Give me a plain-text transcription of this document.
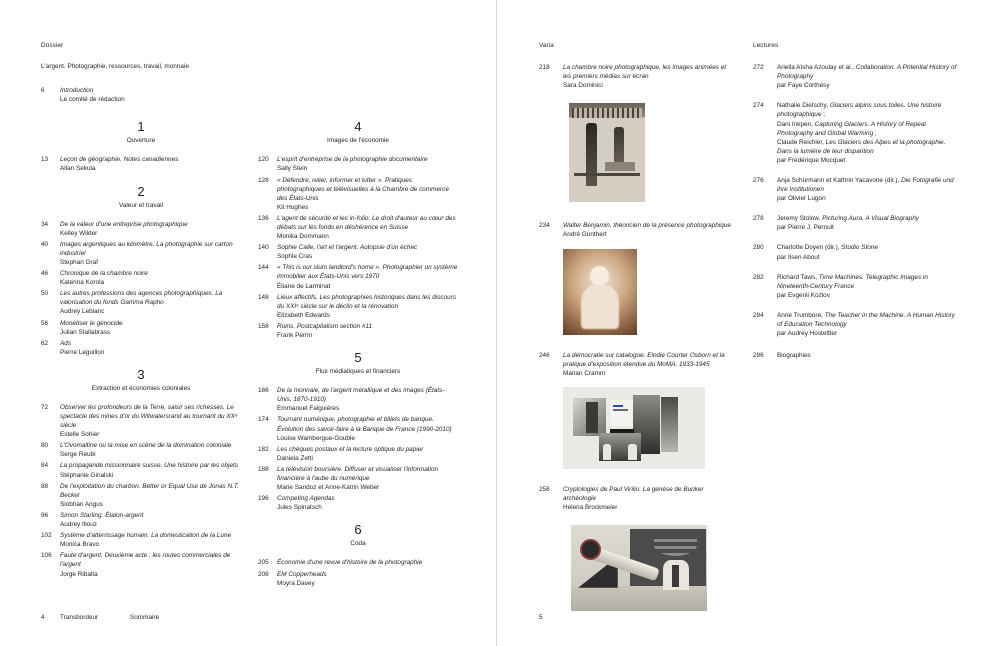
Dossier
L'argent. Photographie, ressources, travail, monnaie
6	Introduction
Le comité de rédaction
1
Ouverture
13	Leçon de géographie. Notes canadiennes
Allan Sekula
2
Valeur et travail
34	De la valeur d'une entreprise photographique
Kelley Wilder
40	Images argentiques au kilomètre. La photographie sur carton industriel
Stephan Graf
46	Chronique de la chambre noire
Katerina Korola
50	Les autres professions des agences photographiques. La valorisation du fonds Gamma Rapho
Audrey Leblanc
56	Monétiser le génocide
Julian Stallabrass
62	Ads
Pierre Leguillon
3
Extraction et économies coloniales
72	Observer les profondeurs de la Terre, saisir ses richesses. Le spectacle des mines d'or du Witwatersrand au tournant du XXᵉ siècle
Estelle Sohier
80	L'Ovomaltine ou la mise en scène de la domination coloniale
Serge Reubi
84	La propagande missionnaire suisse. Une histoire par les objets
Stéphanie Ginalski
88	De l'exploitation du charbon. Better or Equal Use de Jonas N.T. Becker
Siobhan Angus
96	Simon Starling. Étalon-argent
Audrey Illouz
102	Système d'atterrissage humain. La domestication de la Lune
Monica Bravo
106	Faute d'argent. Deuxième acte : les routes commerciales de l'argent
Jorge Ribalta
4
Images de l'économie
120	L'esprit d'entreprise de la photographie documentaire
Sally Stein
128	« Défendre, relier, informer et lutter ». Pratiques photographiques et télévisuelles à la Chambre de commerce des États-Unis
Kit Hughes
136	L'agent de sécurité et les in-folio. Le droit d'auteur au cœur des débats sur les fonds en déshérence en Suisse
Monika Dommann
140	Sophie Calle, l'art et l'argent. Autopsie d'un échec
Sophie Cras
144	« This is our slum landlord's home ». Photographier un système immobilier aux États-Unis vers 1970
Éliane de Larminat
148	Lieux affectifs. Les photographies historiques dans les discours du XXIᵉ siècle sur le déclin et la rénovation
Elizabeth Edwards
158	Ruins. Postcapitalism section #11
Frank Perrin
5
Flux médiatiques et financiers
166	De la monnaie, de l'argent métallique et des images (États-Unis, 1870-1910)
Emmanuel Falguières
174	Tournant numérique, photographie et billets de banque. Évolution des savoir-faire à la Banque de France (1990-2010)
Louise Wambergue-Gouble
182	Les chèques postaux et la lecture optique du papier
Daniela Zetti
188	La télévision boursière. Diffuser et visualiser l'information financière à l'aube du numérique
Marie Sandoz et Anne-Katrin Weber
196	Competing Agendas
Jules Spinatsch
6
Coda
205	Économie d'une revue d'histoire de la photographie
208	EM Copperheads
Moyra Davey
4	Transbordeur	Sommaire
Varia
218	La chambre noire photographique, les images animées et les premiers médias sur écran
Sara Dominici
234	Walter Benjamin, théoricien de la présence photographique
André Gunthert
246	La démocratie sur catalogue. Elodie Courter Osborn et la pratique d'exposition étendue du MoMA, 1933-1945
Marian Cramm
258	Cryptologies de Paul Virilio. La genèse de Bunker archéologie
Helena Brockmeier
Lectures
272	Ariella Aïsha Azoulay et al., Collaboration. A Potential History of Photography
par Faye Corthésy
274	Nathalie Dietschy, Glaciers alpins sous toiles. Une histoire photographique ;
Dani Inkpen, Capturing Glaciers. A History of Repeat Photography and Global Warming ;
Claude Reichler, Les Glaciers des Alpes et la photographie. Dans la lumière de leur disparition
par Frédérique Mocquet
276	Anja Schürmann et Kathrin Yacavone (dir.), Die Fotografie und ihre Institutionen
par Olivier Lugon
278	Jeremy Stolow, Picturing Aura. A Visual Biography
par Pierre J. Pernuit
280	Charlotte Doyen (dir.), Studio Stone
par Ilsen About
282	Richard Taws, Time Machines. Telegraphic Images in Nineteenth-Century France
par Evgenii Kozlov
284	Anne Trumbore, The Teacher in the Machine. A Human History of Education Technology
par Audrey Hostettler
286	Biographies
5
